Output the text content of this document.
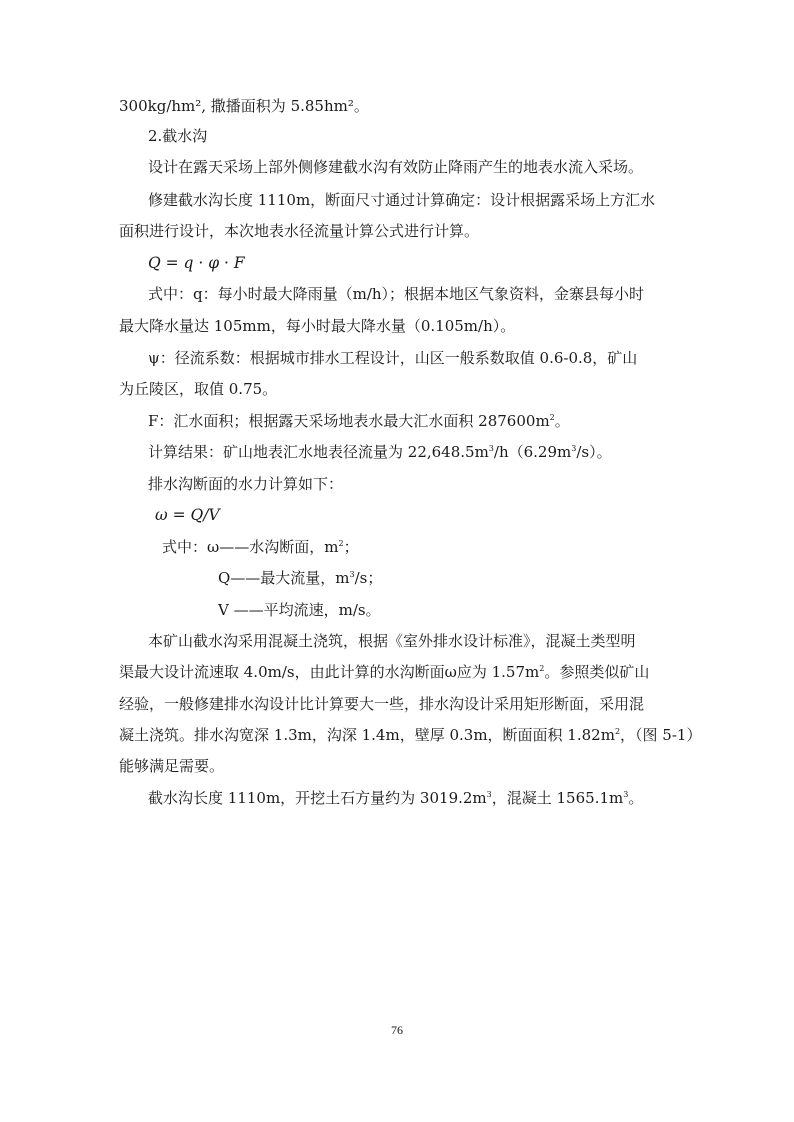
300kg/hm², 撒播面积为 5.85hm²。
2.截水沟
设计在露天采场上部外侧修建截水沟有效防止降雨产生的地表水流入采场。
修建截水沟长度 1110m，断面尺寸通过计算确定：设计根据露采场上方汇水
面积进行设计，本次地表水径流量计算公式进行计算。
Q = q · φ · F
式中：q：每小时最大降雨量（m/h）；根据本地区气象资料，金寨县每小时
最大降水量达 105mm，每小时最大降水量（0.105m/h）。
ψ：径流系数：根据城市排水工程设计，山区一般系数取值 0.6-0.8，矿山
为丘陵区，取值 0.75。
F：汇水面积；根据露天采场地表水最大汇水面积 $287600m^2$。
计算结果：矿山地表汇水地表径流量为 $22,648.5m^3/h(6.29m^3/s)$。
排水沟断面的水力计算如下：
ω = Q/V
式中：ω——水沟断面，$m^2$；
Q——最大流量，$m^3/s$；
V ——平均流速，m/s。
本矿山截水沟采用混凝土浇筑，根据《室外排水设计标准》，混凝土类型明
渠最大设计流速取 4.0m/s，由此计算的水沟断面ω应为 $1.57m^2$。参照类似矿山
经验，一般修建排水沟设计比计算要大一些，排水沟设计采用矩形断面，采用混
凝土浇筑。排水沟宽深 1.3m，沟深 1.4m，壁厚 0.3m，断面面积 $1.82m^2$，（图 5-1）
能够满足需要。
截水沟长度 1110m，开挖土石方量约为 $3019.2m^3$，混凝土 $1565.1m^3$。
76
